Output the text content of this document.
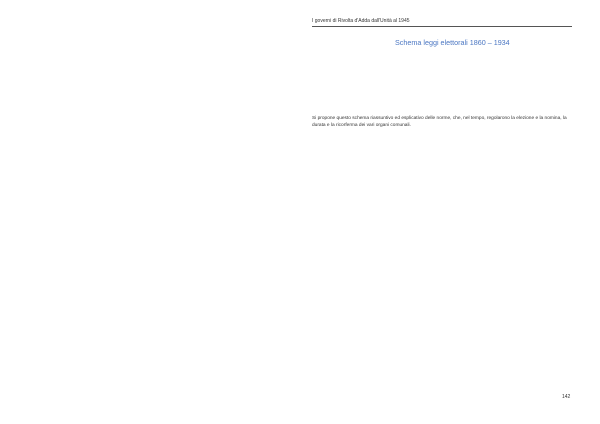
I governi di Rivolta d'Adda dall'Unità al 1945
Schema leggi elettorali 1860 – 1934
Si propone questo schema riassuntivo ed esplicativo delle norme, che, nel tempo, regolarono la elezione e la nomina, la durata e la ricorferma dei vari organi comunali.
142
